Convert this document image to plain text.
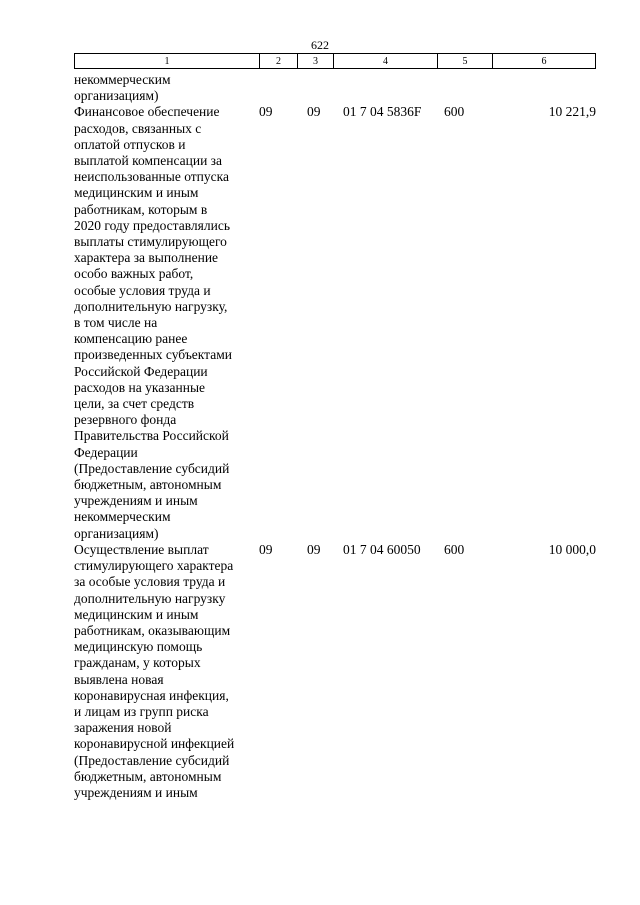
622
1	2	3	4	5	6
некоммерческим
организациям)
Финансовое обеспечение
расходов, связанных с
оплатой отпусков и
выплатой компенсации за
неиспользованные отпуска
медицинским и иным
работникам, которым в
2020 году предоставлялись
выплаты стимулирующего
характера за выполнение
особо важных работ,
особые условия труда и
дополнительную нагрузку,
в том числе на
компенсацию ранее
произведенных субъектами
Российской Федерации
расходов на указанные
цели, за счет средств
резервного фонда
Правительства Российской
Федерации
(Предоставление субсидий
бюджетным, автономным
учреждениям и иным
некоммерческим
организациям)
09	09	01 7 04 5836F	600	10 221,9
Осуществление выплат
стимулирующего характера
за особые условия труда и
дополнительную нагрузку
медицинским и иным
работникам, оказывающим
медицинскую помощь
гражданам, у которых
выявлена новая
коронавирусная инфекция,
и лицам из групп риска
заражения новой
коронавирусной инфекцией
(Предоставление субсидий
бюджетным, автономным
учреждениям и иным
09	09	01 7 04 60050	600	10 000,0
